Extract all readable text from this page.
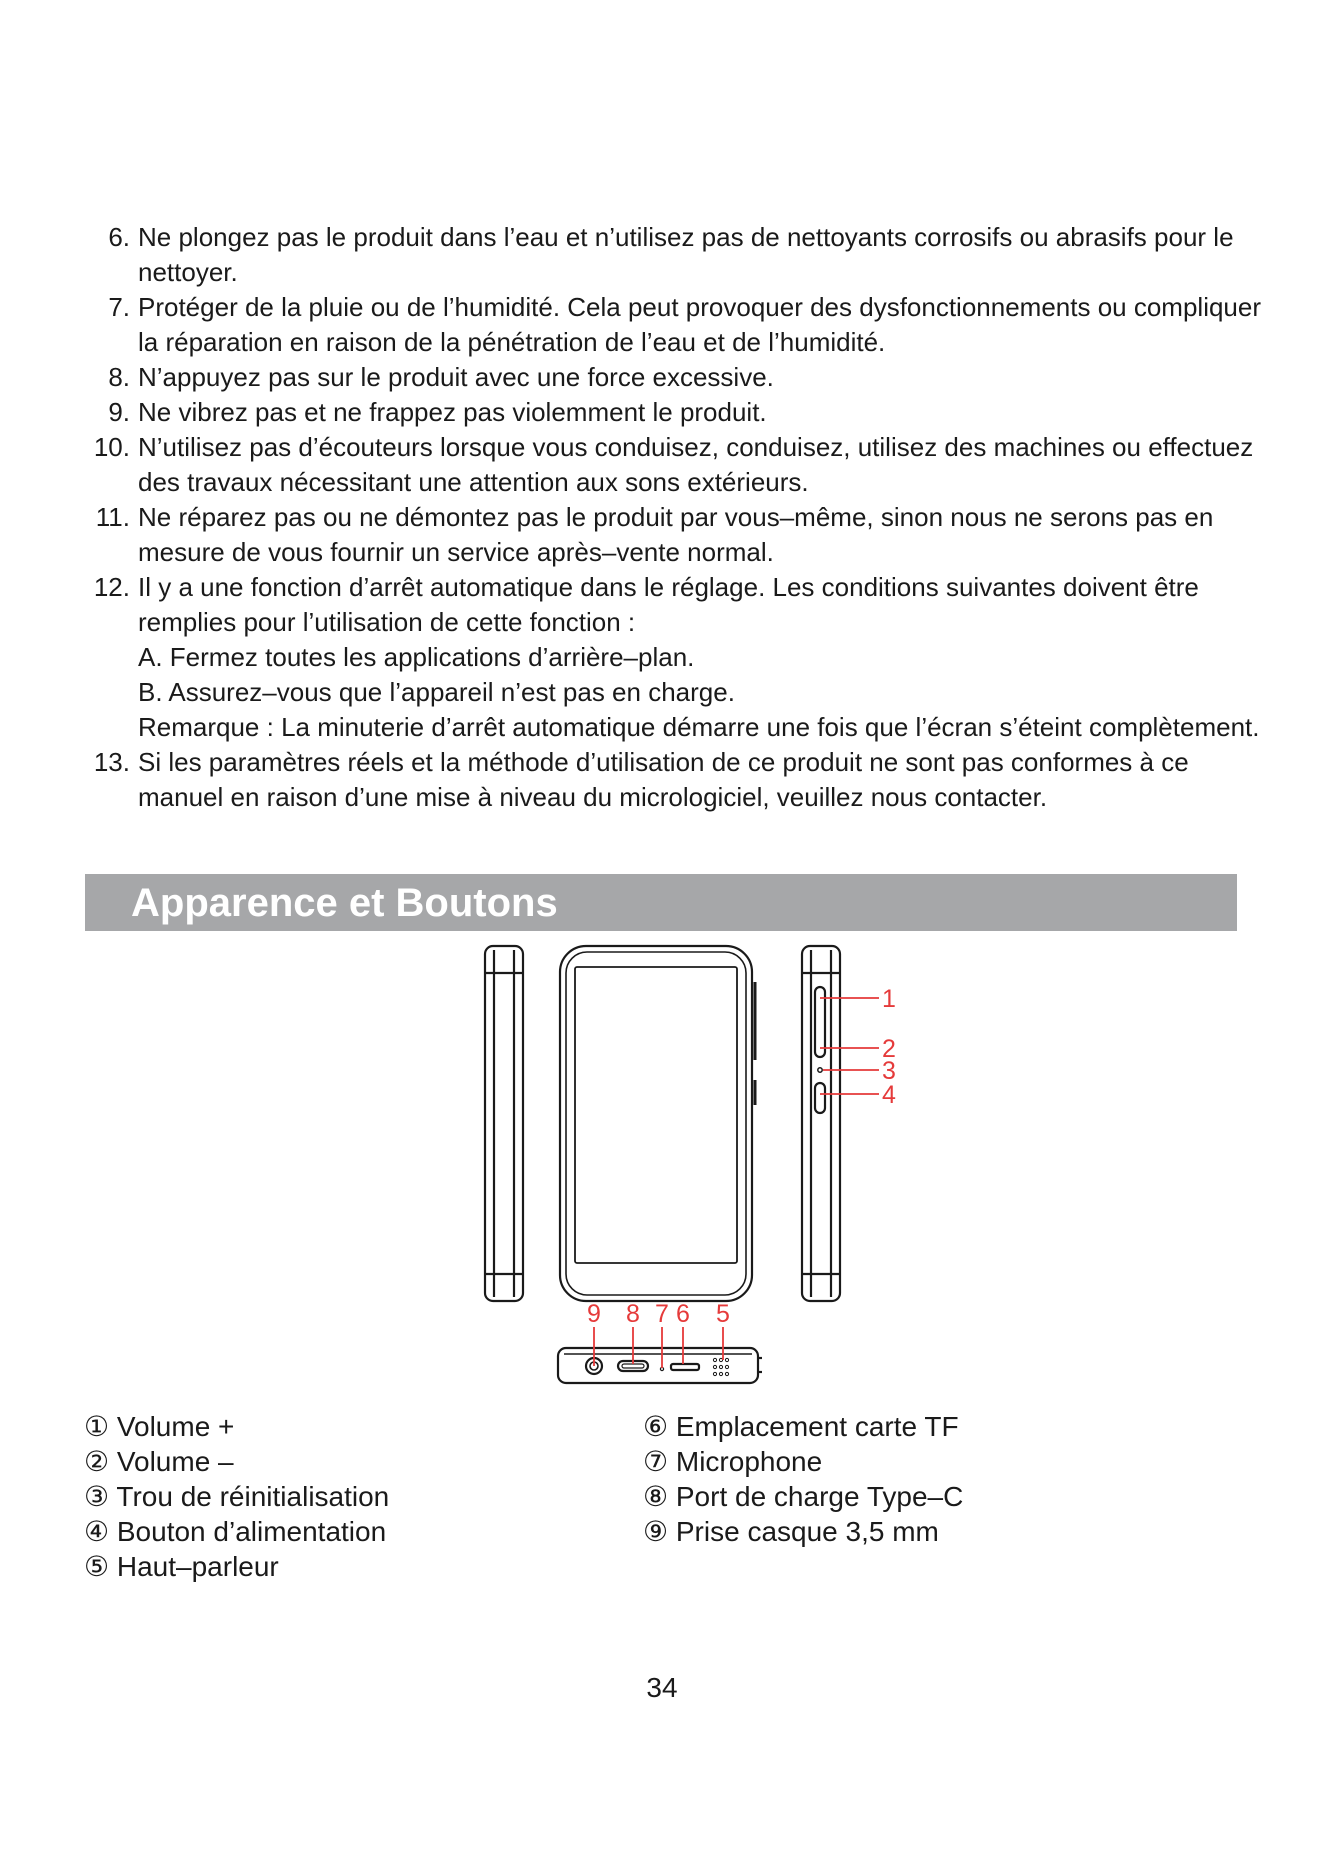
6. Ne plongez pas le produit dans l’eau et n’utilisez pas de nettoyants corrosifs ou abrasifs pour le nettoyer.
7. Protéger de la pluie ou de l’humidité. Cela peut provoquer des dysfonctionnements ou compliquer la réparation en raison de la pénétration de l’eau et de l’humidité.
8. N’appuyez pas sur le produit avec une force excessive.
9. Ne vibrez pas et ne frappez pas violemment le produit.
10. N’utilisez pas d’écouteurs lorsque vous conduisez, conduisez, utilisez des machines ou effectuez des travaux nécessitant une attention aux sons extérieurs.
11. Ne réparez pas ou ne démontez pas le produit par vous–même, sinon nous ne serons pas en mesure de vous fournir un service après–vente normal.
12. Il y a une fonction d’arrêt automatique dans le réglage. Les conditions suivantes doivent être remplies pour l’utilisation de cette fonction :
A. Fermez toutes les applications d’arrière–plan.
B. Assurez–vous que l’appareil n’est pas en charge.
Remarque : La minuterie d’arrêt automatique démarre une fois que l’écran s’éteint complètement.
13. Si les paramètres réels et la méthode d’utilisation de ce produit ne sont pas conformes à ce manuel en raison d’une mise à niveau du micrologiciel, veuillez nous contacter.
Apparence et Boutons
1
2
3
4
9 8 7 6 5
① Volume +
② Volume –
③ Trou de réinitialisation
④ Bouton d’alimentation
⑤ Haut–parleur
⑥ Emplacement carte TF
⑦ Microphone
⑧ Port de charge Type–C
⑨ Prise casque 3,5 mm
34
